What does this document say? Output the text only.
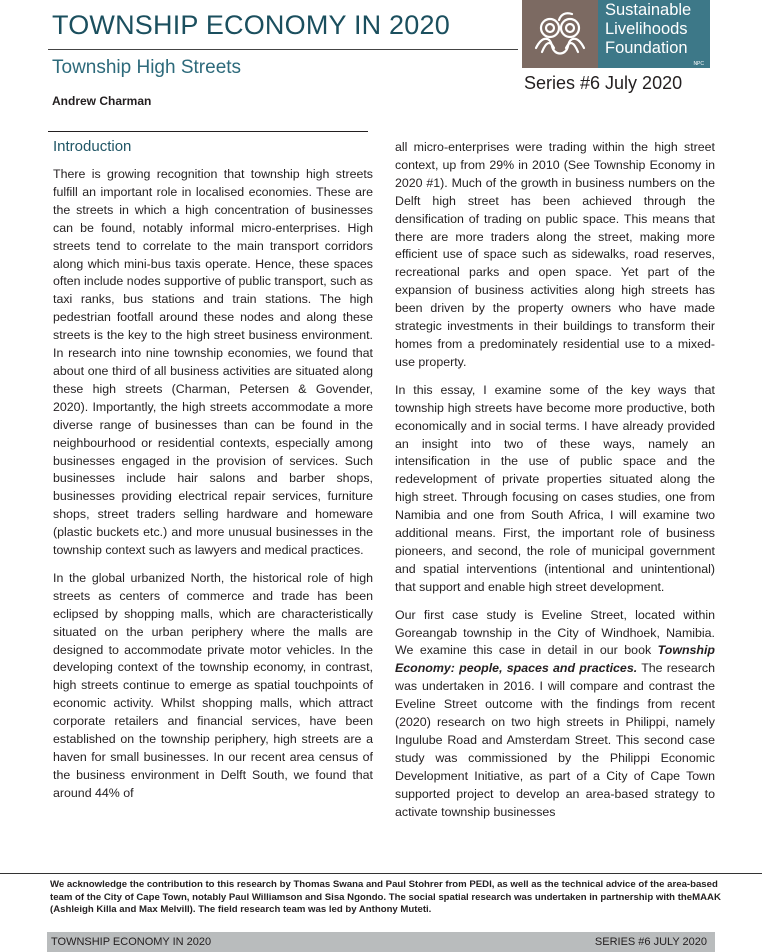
TOWNSHIP ECONOMY IN 2020
Township High Streets
Andrew Charman
Sustainable
Livelihoods
Foundation
NPC
Series #6 July 2020
Introduction

There is growing recognition that township high streets fulfill an important role in localised economies. These are the streets in which a high concentration of businesses can be found, notably informal micro-enterprises. High streets tend to correlate to the main transport corridors along which mini-bus taxis operate. Hence, these spaces often include nodes supportive of public transport, such as taxi ranks, bus stations and train stations. The high pedestrian footfall around these nodes and along these streets is the key to the high street business environment. In research into nine township economies, we found that about one third of all business activities are situated along these high streets (Charman, Petersen & Govender, 2020). Importantly, the high streets accommodate a more diverse range of businesses than can be found in the neighbourhood or residential contexts, especially among businesses engaged in the provision of services. Such businesses include hair salons and barber shops, businesses providing electrical repair services, furniture shops, street traders selling hardware and homeware (plastic buckets etc.) and more unusual businesses in the township context such as lawyers and medical practices.

In the global urbanized North, the historical role of high streets as centers of commerce and trade has been eclipsed by shopping malls, which are characteristically situated on the urban periphery where the malls are designed to accommodate private motor vehicles. In the developing context of the township economy, in contrast, high streets continue to emerge as spatial touchpoints of economic activity. Whilst shopping malls, which attract corporate retailers and financial services, have been established on the township periphery, high streets are a haven for small businesses. In our recent area census of the business environment in Delft South, we found that around 44% of

all micro-enterprises were trading within the high street context, up from 29% in 2010 (See Township Economy in 2020 #1). Much of the growth in business numbers on the Delft high street has been achieved through the densification of trading on public space. This means that there are more traders along the street, making more efficient use of space such as sidewalks, road reserves, recreational parks and open space. Yet part of the expansion of business activities along high streets has been driven by the property owners who have made strategic investments in their buildings to transform their homes from a predominately residential use to a mixed-use property.

In this essay, I examine some of the key ways that township high streets have become more productive, both economically and in social terms. I have already provided an insight into two of these ways, namely an intensification in the use of public space and the redevelopment of private properties situated along the high street. Through focusing on cases studies, one from Namibia and one from South Africa, I will examine two additional means. First, the important role of business pioneers, and second, the role of municipal government and spatial interventions (intentional and unintentional) that support and enable high street development.

Our first case study is Eveline Street, located within Goreangab township in the City of Windhoek, Namibia. We examine this case in detail in our book Township Economy: people, spaces and practices. The research was undertaken in 2016. I will compare and contrast the Eveline Street outcome with the findings from recent (2020) research on two high streets in Philippi, namely Ingulube Road and Amsterdam Street. This second case study was commissioned by the Philippi Economic Development Initiative, as part of a City of Cape Town supported project to develop an area-based strategy to activate township businesses

We acknowledge the contribution to this research by Thomas Swana and Paul Stohrer from PEDI, as well as the technical advice of the area-based team of the City of Cape Town, notably Paul Williamson and Sisa Ngondo. The social spatial research was undertaken in partnership with theMAAK (Ashleigh Killa and Max Melvill). The field research team was led by Anthony Muteti.
TOWNSHIP ECONOMY IN 2020	SERIES #6 JULY 2020
